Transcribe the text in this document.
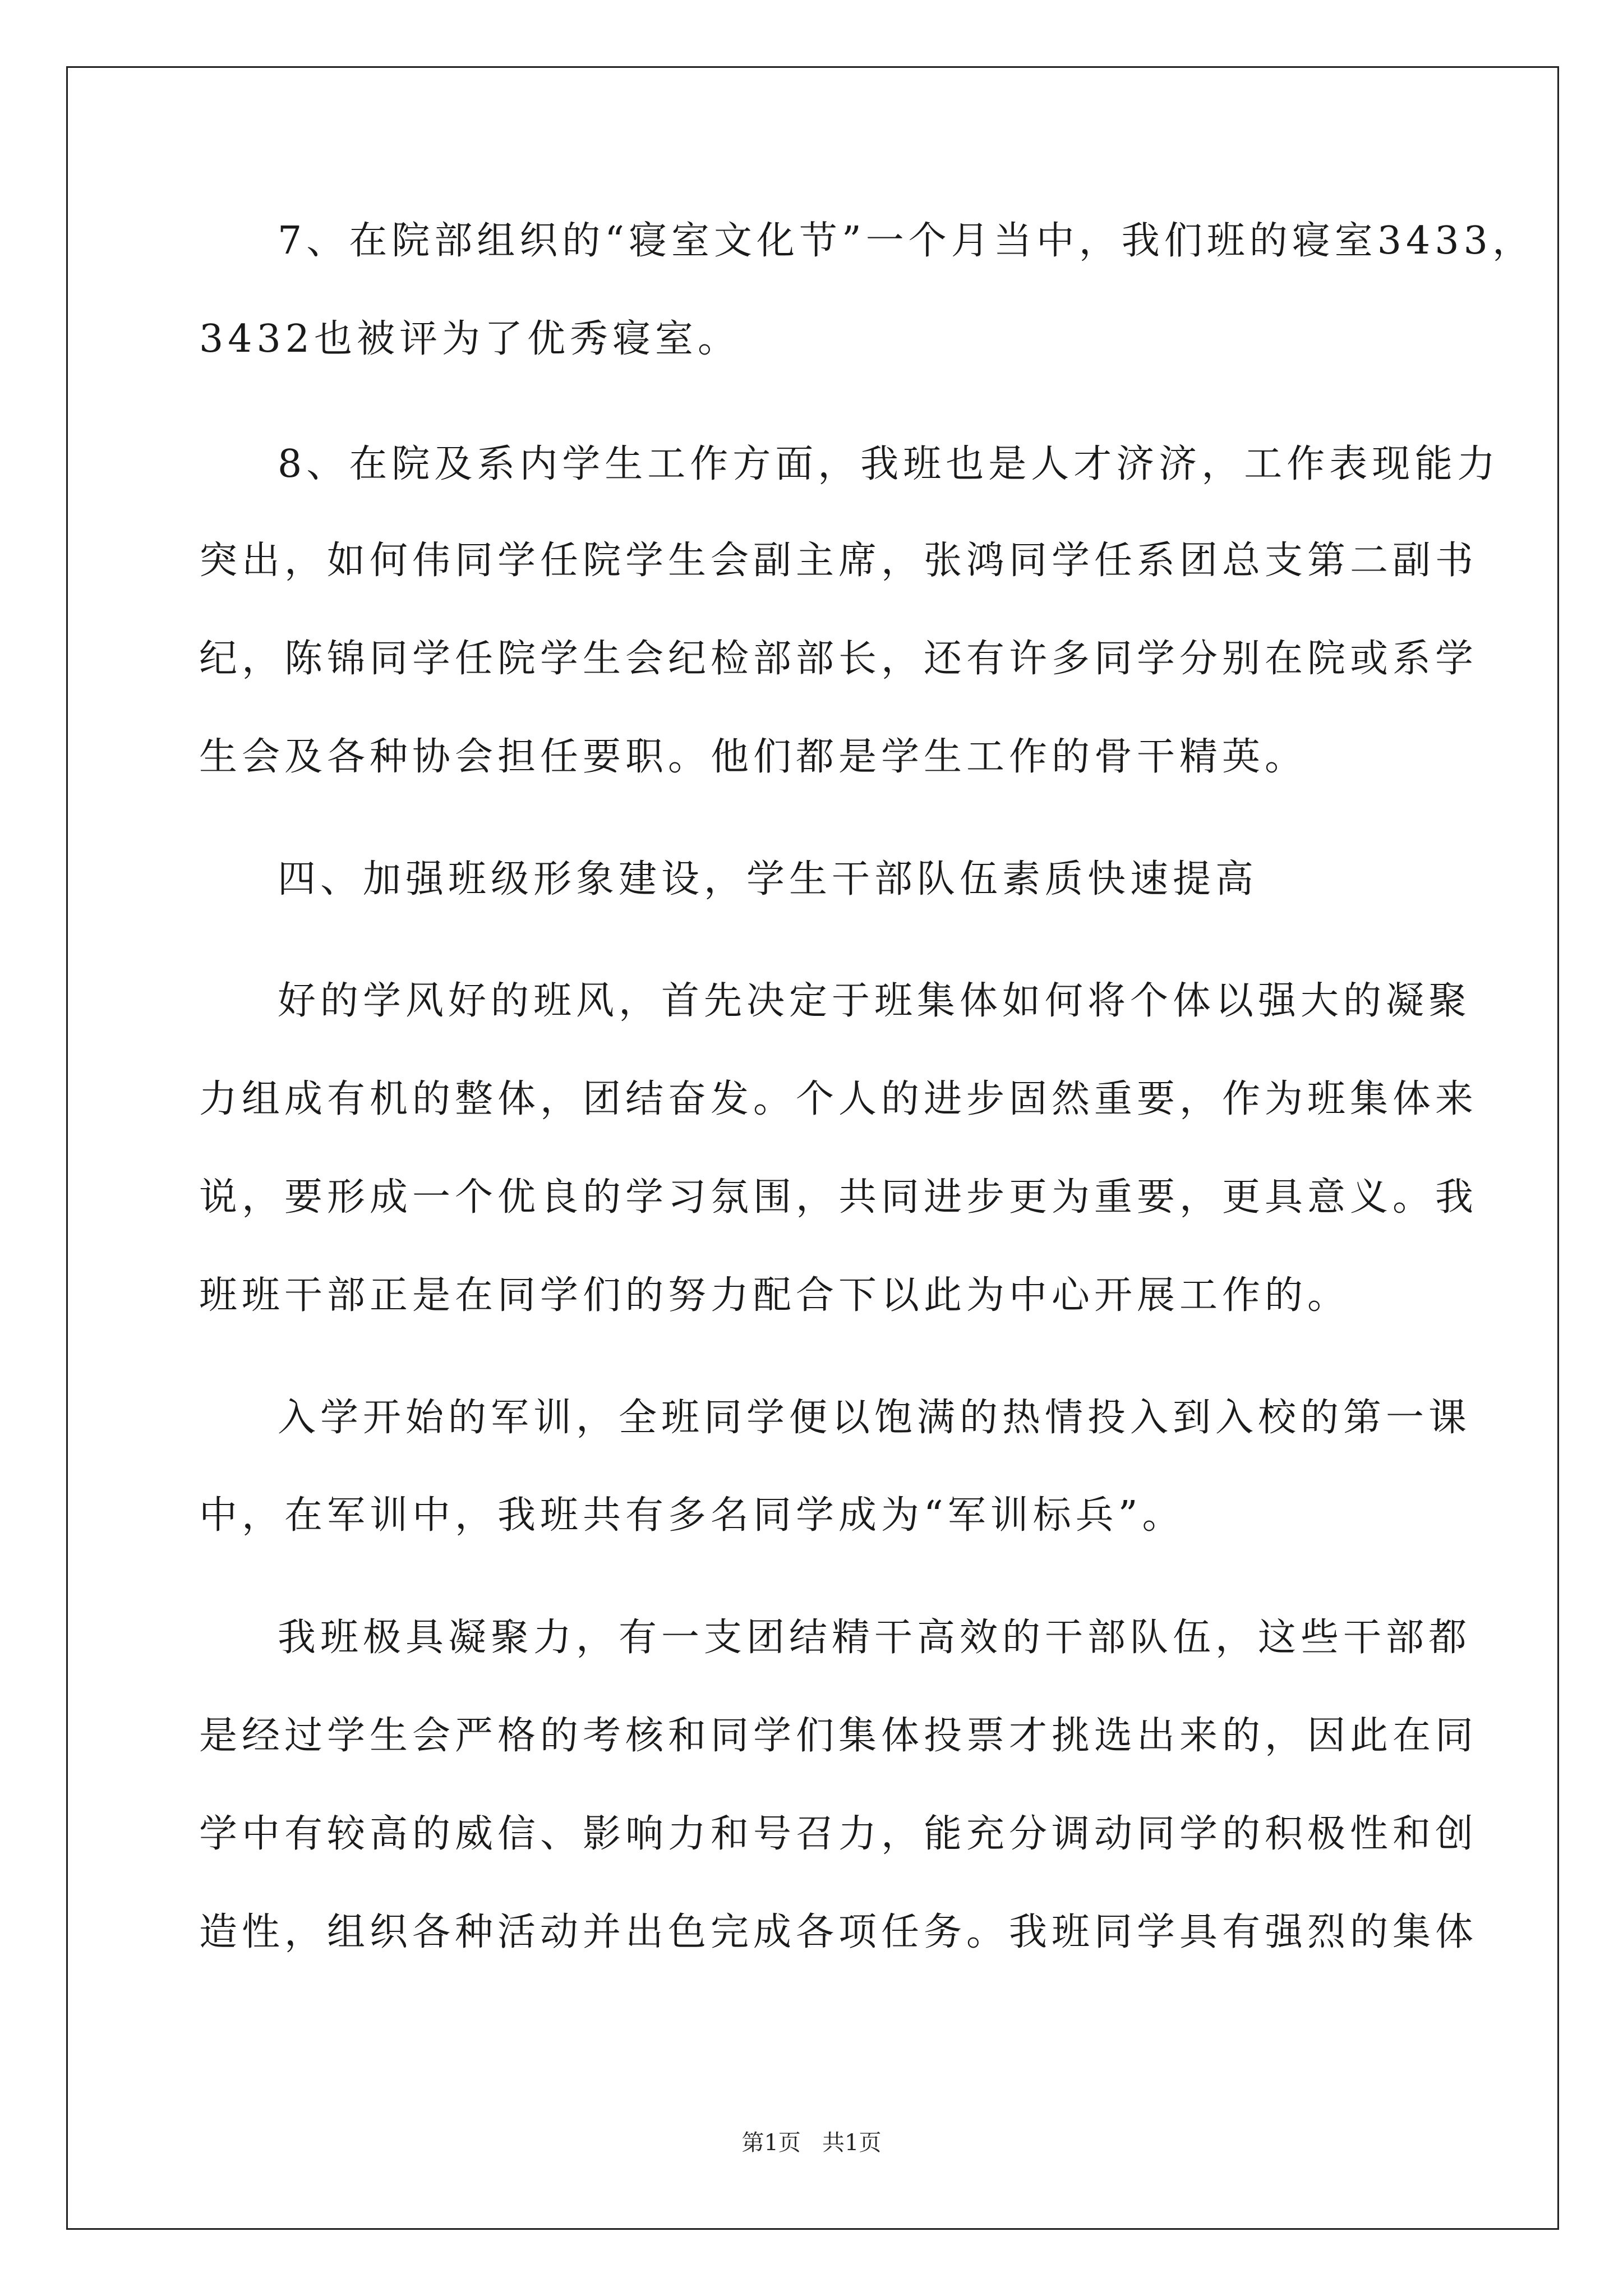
7、在院部组织的“寝室文化节”一个月当中，我们班的寝室3433，
3432也被评为了优秀寝室。
8、在院及系内学生工作方面，我班也是人才济济，工作表现能力
突出，如何伟同学任院学生会副主席，张鸿同学任系团总支第二副书
纪，陈锦同学任院学生会纪检部部长，还有许多同学分别在院或系学
生会及各种协会担任要职。他们都是学生工作的骨干精英。
四、加强班级形象建设，学生干部队伍素质快速提高
好的学风好的班风，首先决定于班集体如何将个体以强大的凝聚
力组成有机的整体，团结奋发。个人的进步固然重要，作为班集体来
说，要形成一个优良的学习氛围，共同进步更为重要，更具意义。我
班班干部正是在同学们的努力配合下以此为中心开展工作的。
入学开始的军训，全班同学便以饱满的热情投入到入校的第一课
中，在军训中，我班共有多名同学成为“军训标兵”。
我班极具凝聚力，有一支团结精干高效的干部队伍，这些干部都
是经过学生会严格的考核和同学们集体投票才挑选出来的，因此在同
学中有较高的威信、影响力和号召力，能充分调动同学的积极性和创
造性，组织各种活动并出色完成各项任务。我班同学具有强烈的集体
第1页   共1页
